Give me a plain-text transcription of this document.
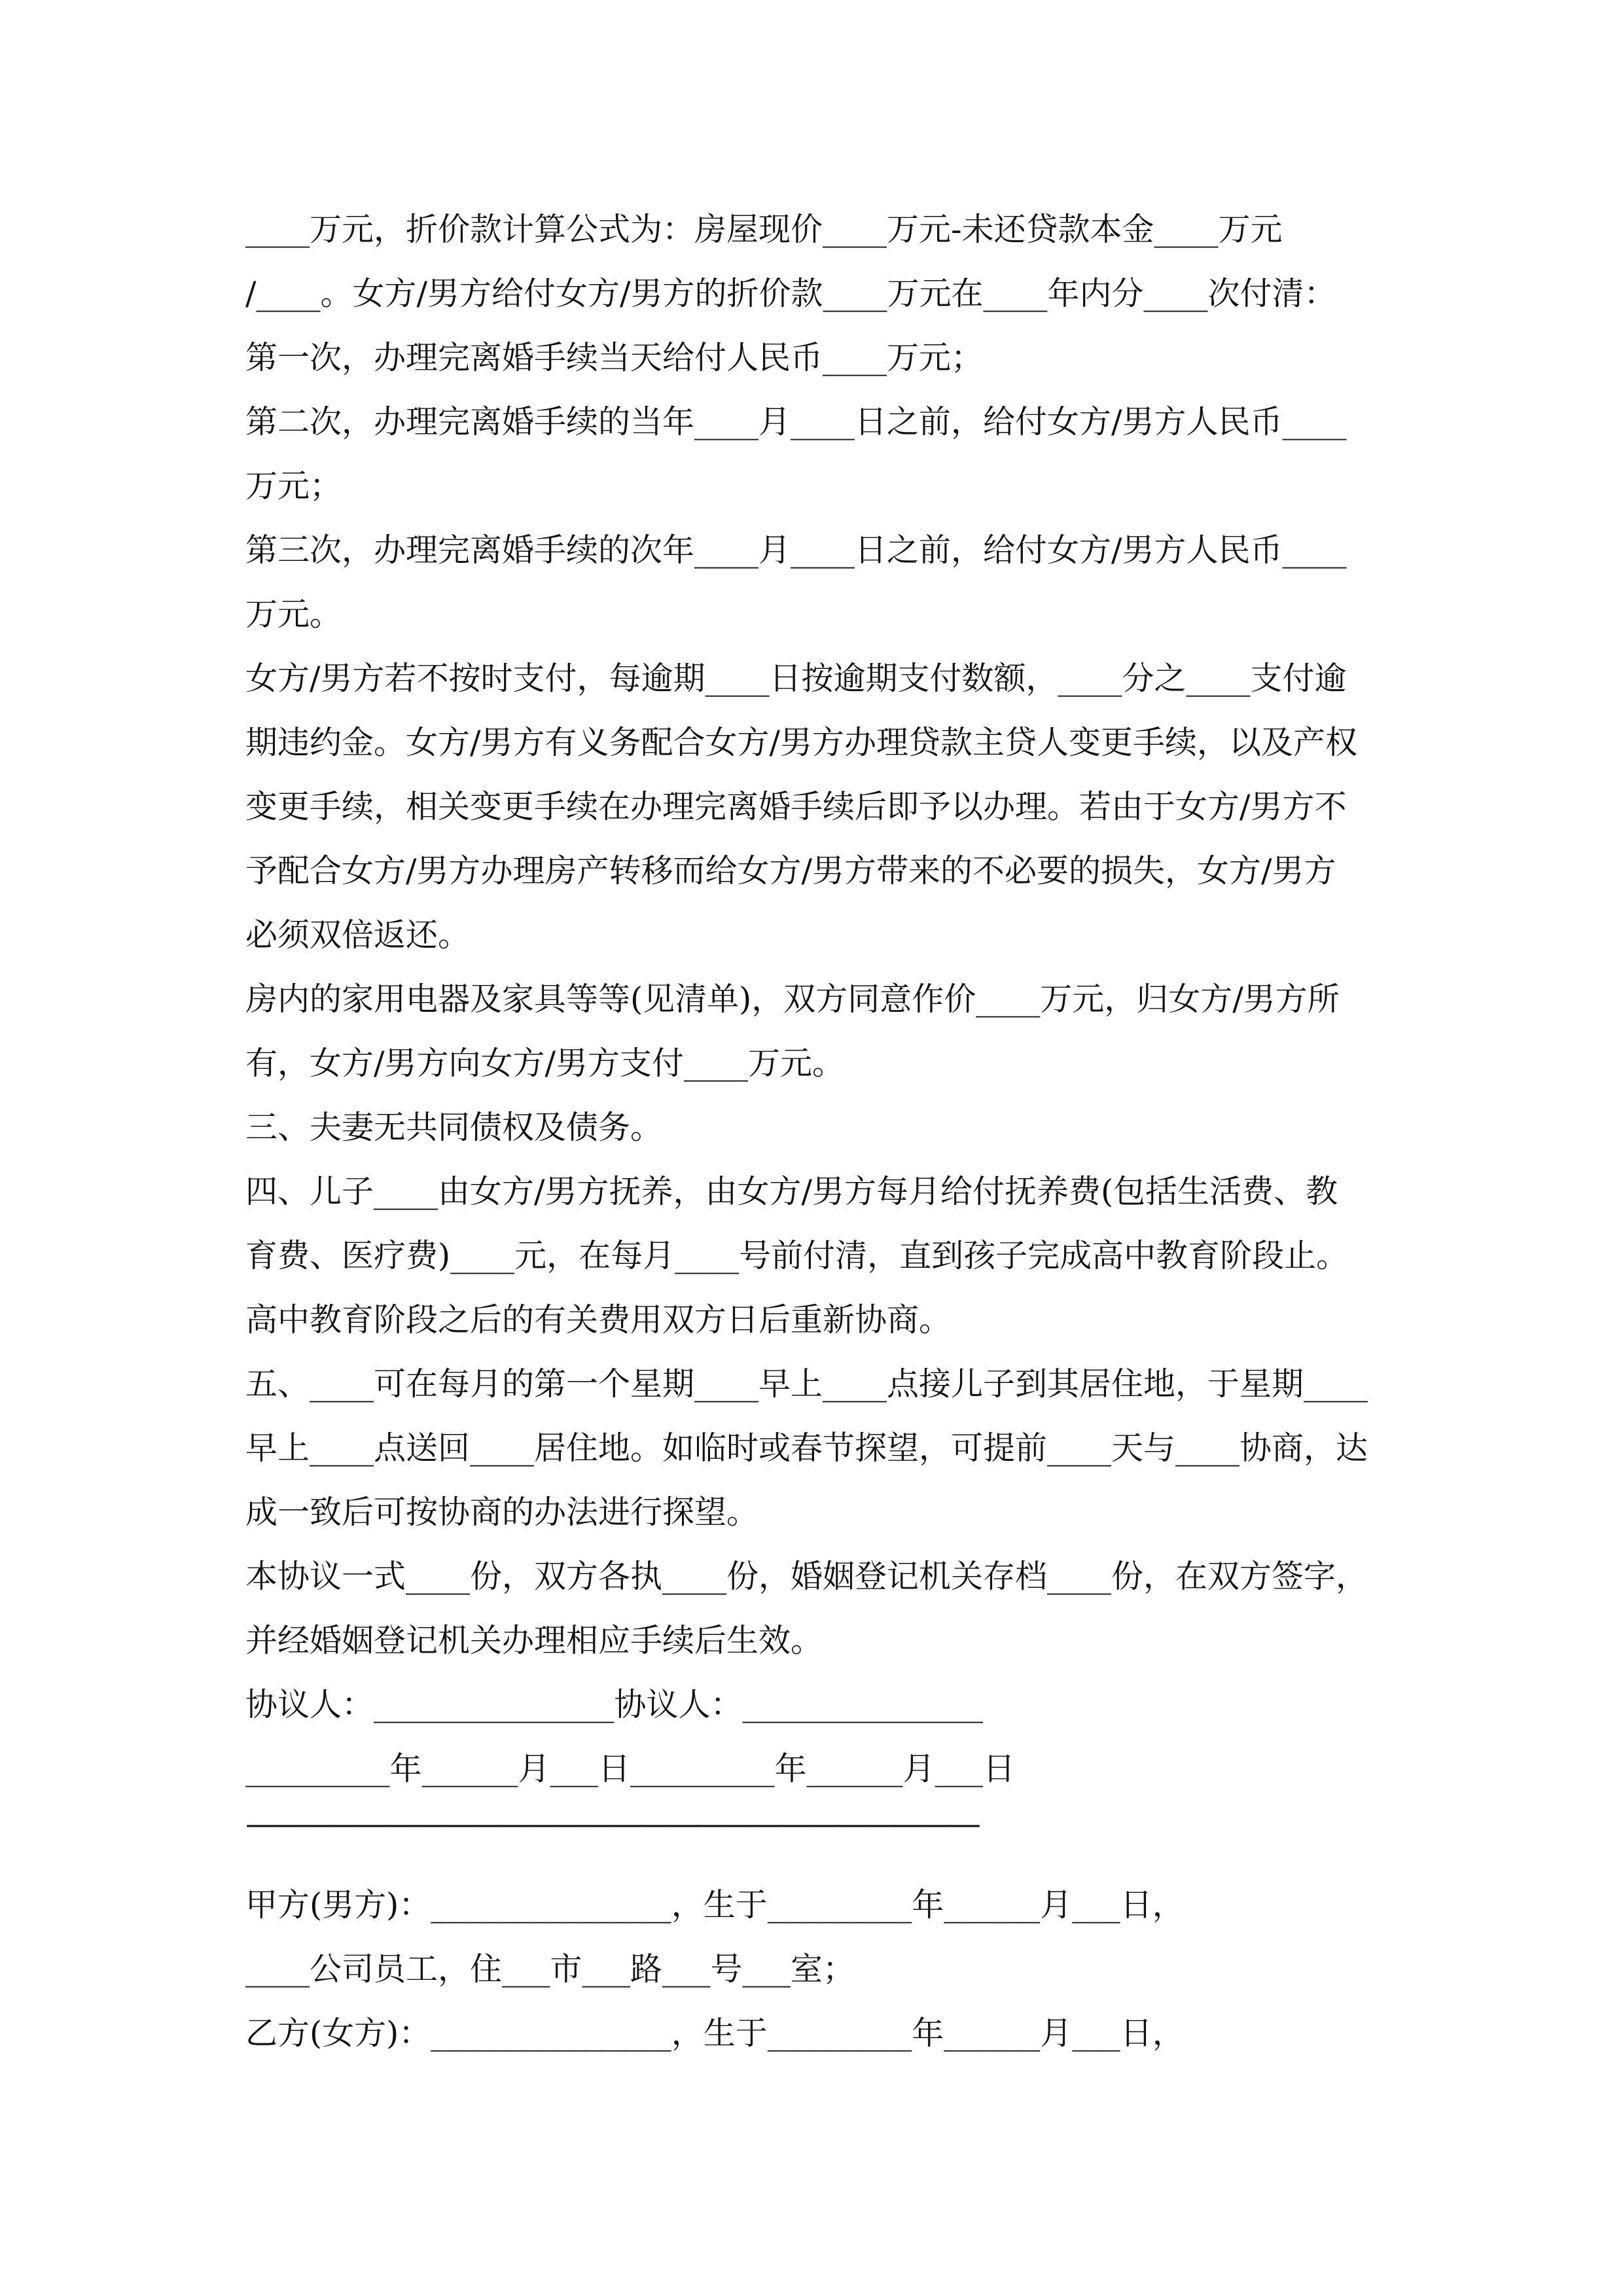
____万元，折价款计算公式为：房屋现价____万元-未还贷款本金____万元

/____。女方/男方给付女方/男方的折价款____万元在____年内分____次付清：

第一次，办理完离婚手续当天给付人民币____万元；

第二次，办理完离婚手续的当年____月____日之前，给付女方/男方人民币____

万元；

第三次，办理完离婚手续的次年____月____日之前，给付女方/男方人民币____

万元。

女方/男方若不按时支付，每逾期____日按逾期支付数额，____分之____支付逾

期违约金。女方/男方有义务配合女方/男方办理贷款主贷人变更手续，以及产权

变更手续，相关变更手续在办理完离婚手续后即予以办理。若由于女方/男方不

予配合女方/男方办理房产转移而给女方/男方带来的不必要的损失，女方/男方

必须双倍返还。

房内的家用电器及家具等等(见清单)，双方同意作价____万元，归女方/男方所

有，女方/男方向女方/男方支付____万元。

三、夫妻无共同债权及债务。

四、儿子____由女方/男方抚养，由女方/男方每月给付抚养费(包括生活费、教

育费、医疗费)____元，在每月____号前付清，直到孩子完成高中教育阶段止。

高中教育阶段之后的有关费用双方日后重新协商。

五、____可在每月的第一个星期____早上____点接儿子到其居住地，于星期____

早上____点送回____居住地。如临时或春节探望，可提前____天与____协商，达

成一致后可按协商的办法进行探望。

本协议一式____份，双方各执____份，婚姻登记机关存档____份，在双方签字，

并经婚姻登记机关办理相应手续后生效。

协议人：_______________协议人：_______________

_________年______月___日_________年______月___日

——————————————————————————

甲方(男方)：_______________，生于_________年______月___日，

____公司员工，住___市___路___号___室；

乙方(女方)：_______________，生于_________年______月___日，
